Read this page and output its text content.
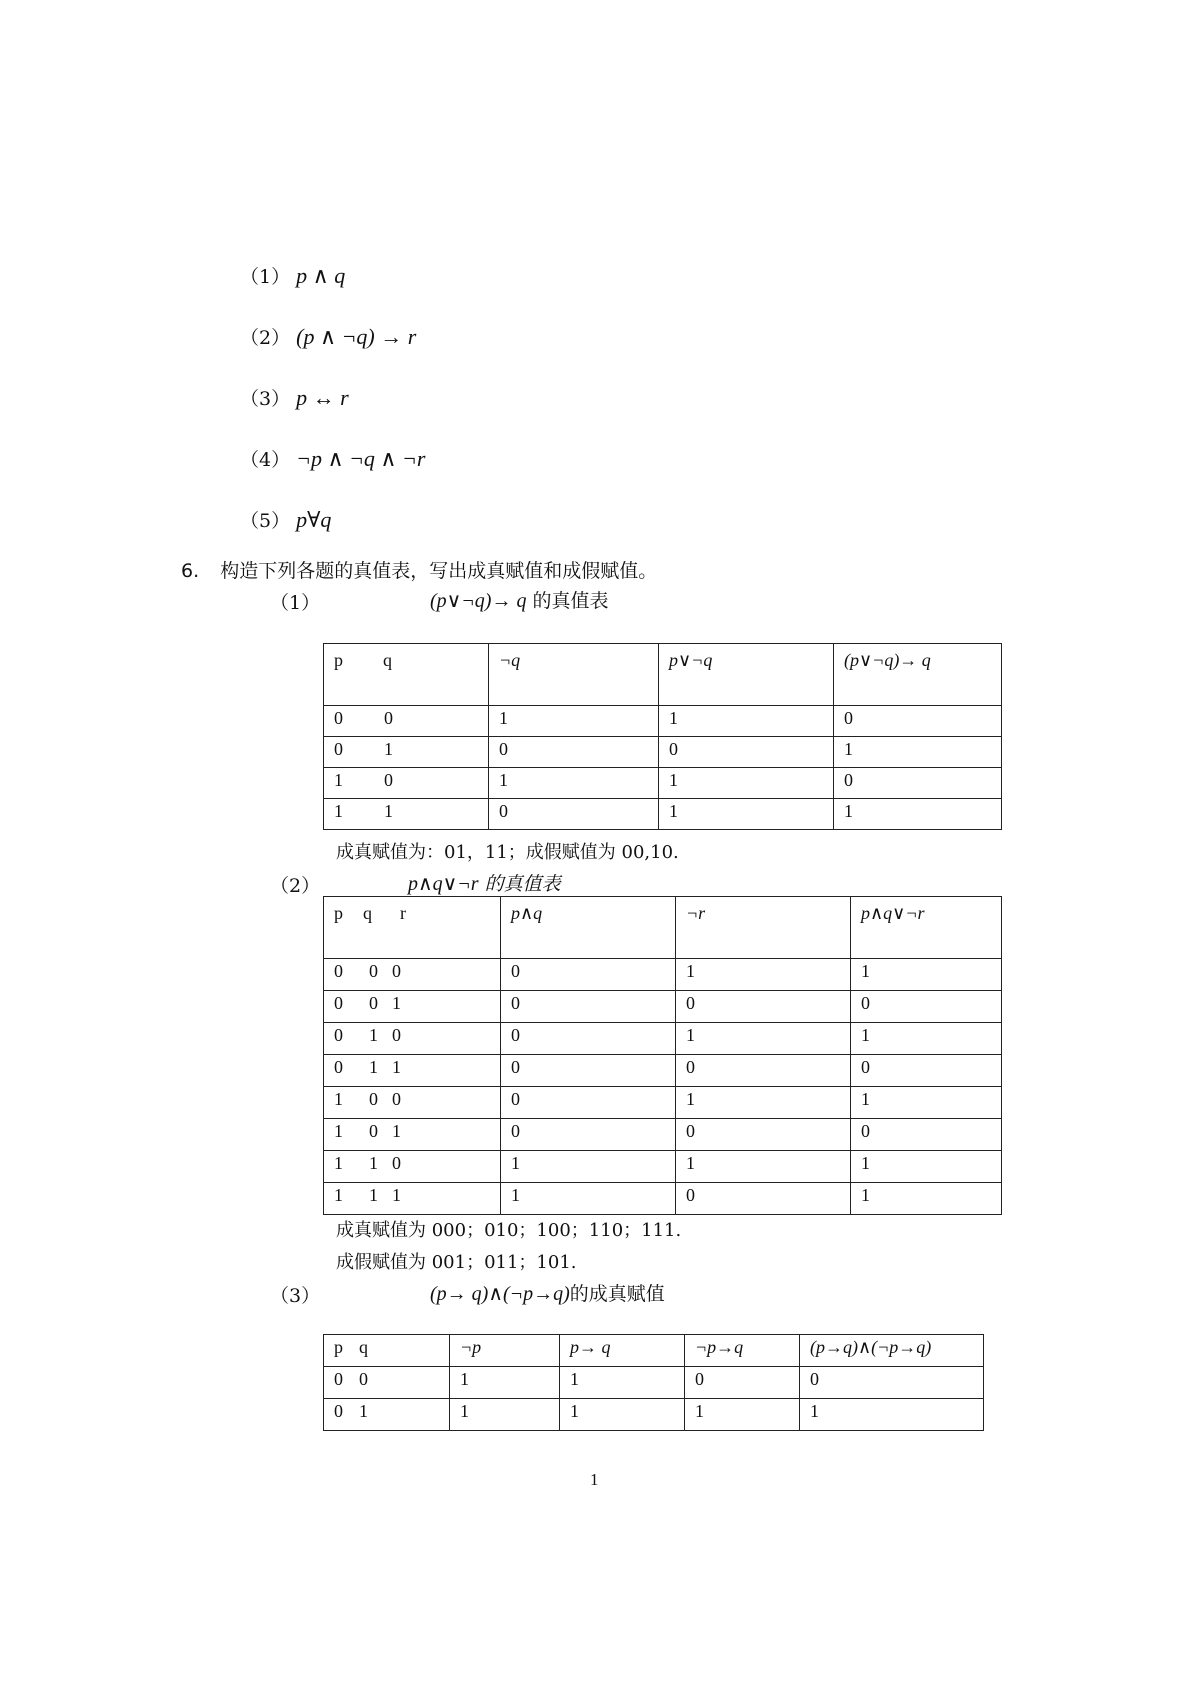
（1） p ∧ q
（2） (p ∧ ¬q) → r
（3） p ↔ r
（4） ¬p ∧ ¬q ∧ ¬r
（5） p∀q
6. 构造下列各题的真值表，写出成真赋值和成假赋值。
（1）	(p∨¬q)→ q 的真值表
p q	¬q	p∨¬q	(p∨¬q)→ q
0 0	1	1	0
0 1	0	0	1
1 0	1	1	0
1 1	0	1	1
成真赋值为：01，11；成假赋值为 00,10.
（2）	p∧q∨¬r 的真值表
p q r	p∧q	¬r	p∧q∨¬r
0 0 0	0	1	1
0 0 1	0	0	0
0 1 0	0	1	1
0 1 1	0	0	0
1 0 0	0	1	1
1 0 1	0	0	0
1 1 0	1	1	1
1 1 1	1	0	1
成真赋值为 000；010；100；110；111.
成假赋值为 001；011；101.
（3）	(p→ q)∧(¬p→q)的成真赋值
p q	¬p	p→ q	¬p→q	(p→q)∧(¬p→q)
0 0	1	1	0	0
0 1	1	1	1	1
1
